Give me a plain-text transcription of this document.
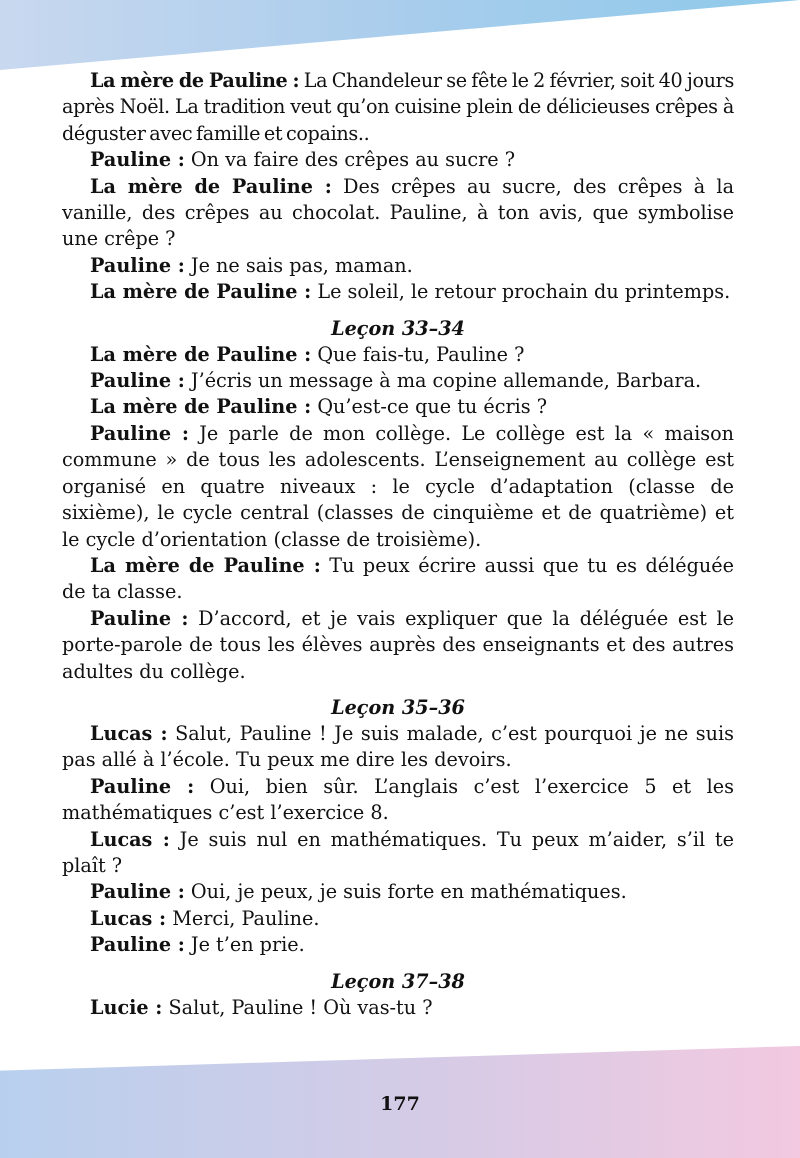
La mère de Pauline : La Chandeleur se fête le 2 février, soit 40 jours après Noël. La tradition veut qu’on cuisine plein de délicieuses crêpes à déguster avec famille et copains..

Pauline : On va faire des crêpes au sucre ?

La mère de Pauline : Des crêpes au sucre, des crêpes à la vanille, des crêpes au chocolat. Pauline, à ton avis, que symbolise une crêpe ?

Pauline : Je ne sais pas, maman.

La mère de Pauline : Le soleil, le retour prochain du printemps.

Leçon 33–34

La mère de Pauline : Que fais-tu, Pauline ?

Pauline : J’écris un message à ma copine allemande, Barbara.

La mère de Pauline : Qu’est-ce que tu écris ?

Pauline : Je parle de mon collège. Le collège est la « maison commune » de tous les adolescents. L’enseignement au collège est organisé en quatre niveaux : le cycle d’adaptation (classe de sixième), le cycle central (classes de cinquième et de quatrième) et le cycle d’orientation (classe de troisième).

La mère de Pauline : Tu peux écrire aussi que tu es déléguée de ta classe.

Pauline : D’accord, et je vais expliquer que la déléguée est le porte-parole de tous les élèves auprès des enseignants et des autres adultes du collège.

Leçon 35–36

Lucas : Salut, Pauline ! Je suis malade, c’est pourquoi je ne suis pas allé à l’école. Tu peux me dire les devoirs.

Pauline : Oui, bien sûr. L’anglais c’est l’exercice 5 et les mathématiques c’est l’exercice 8.

Lucas : Je suis nul en mathématiques. Tu peux m’aider, s’il te plaît ?

Pauline : Oui, je peux, je suis forte en mathématiques.

Lucas : Merci, Pauline.

Pauline : Je t’en prie.

Leçon 37–38

Lucie : Salut, Pauline ! Où vas-tu ?

177
